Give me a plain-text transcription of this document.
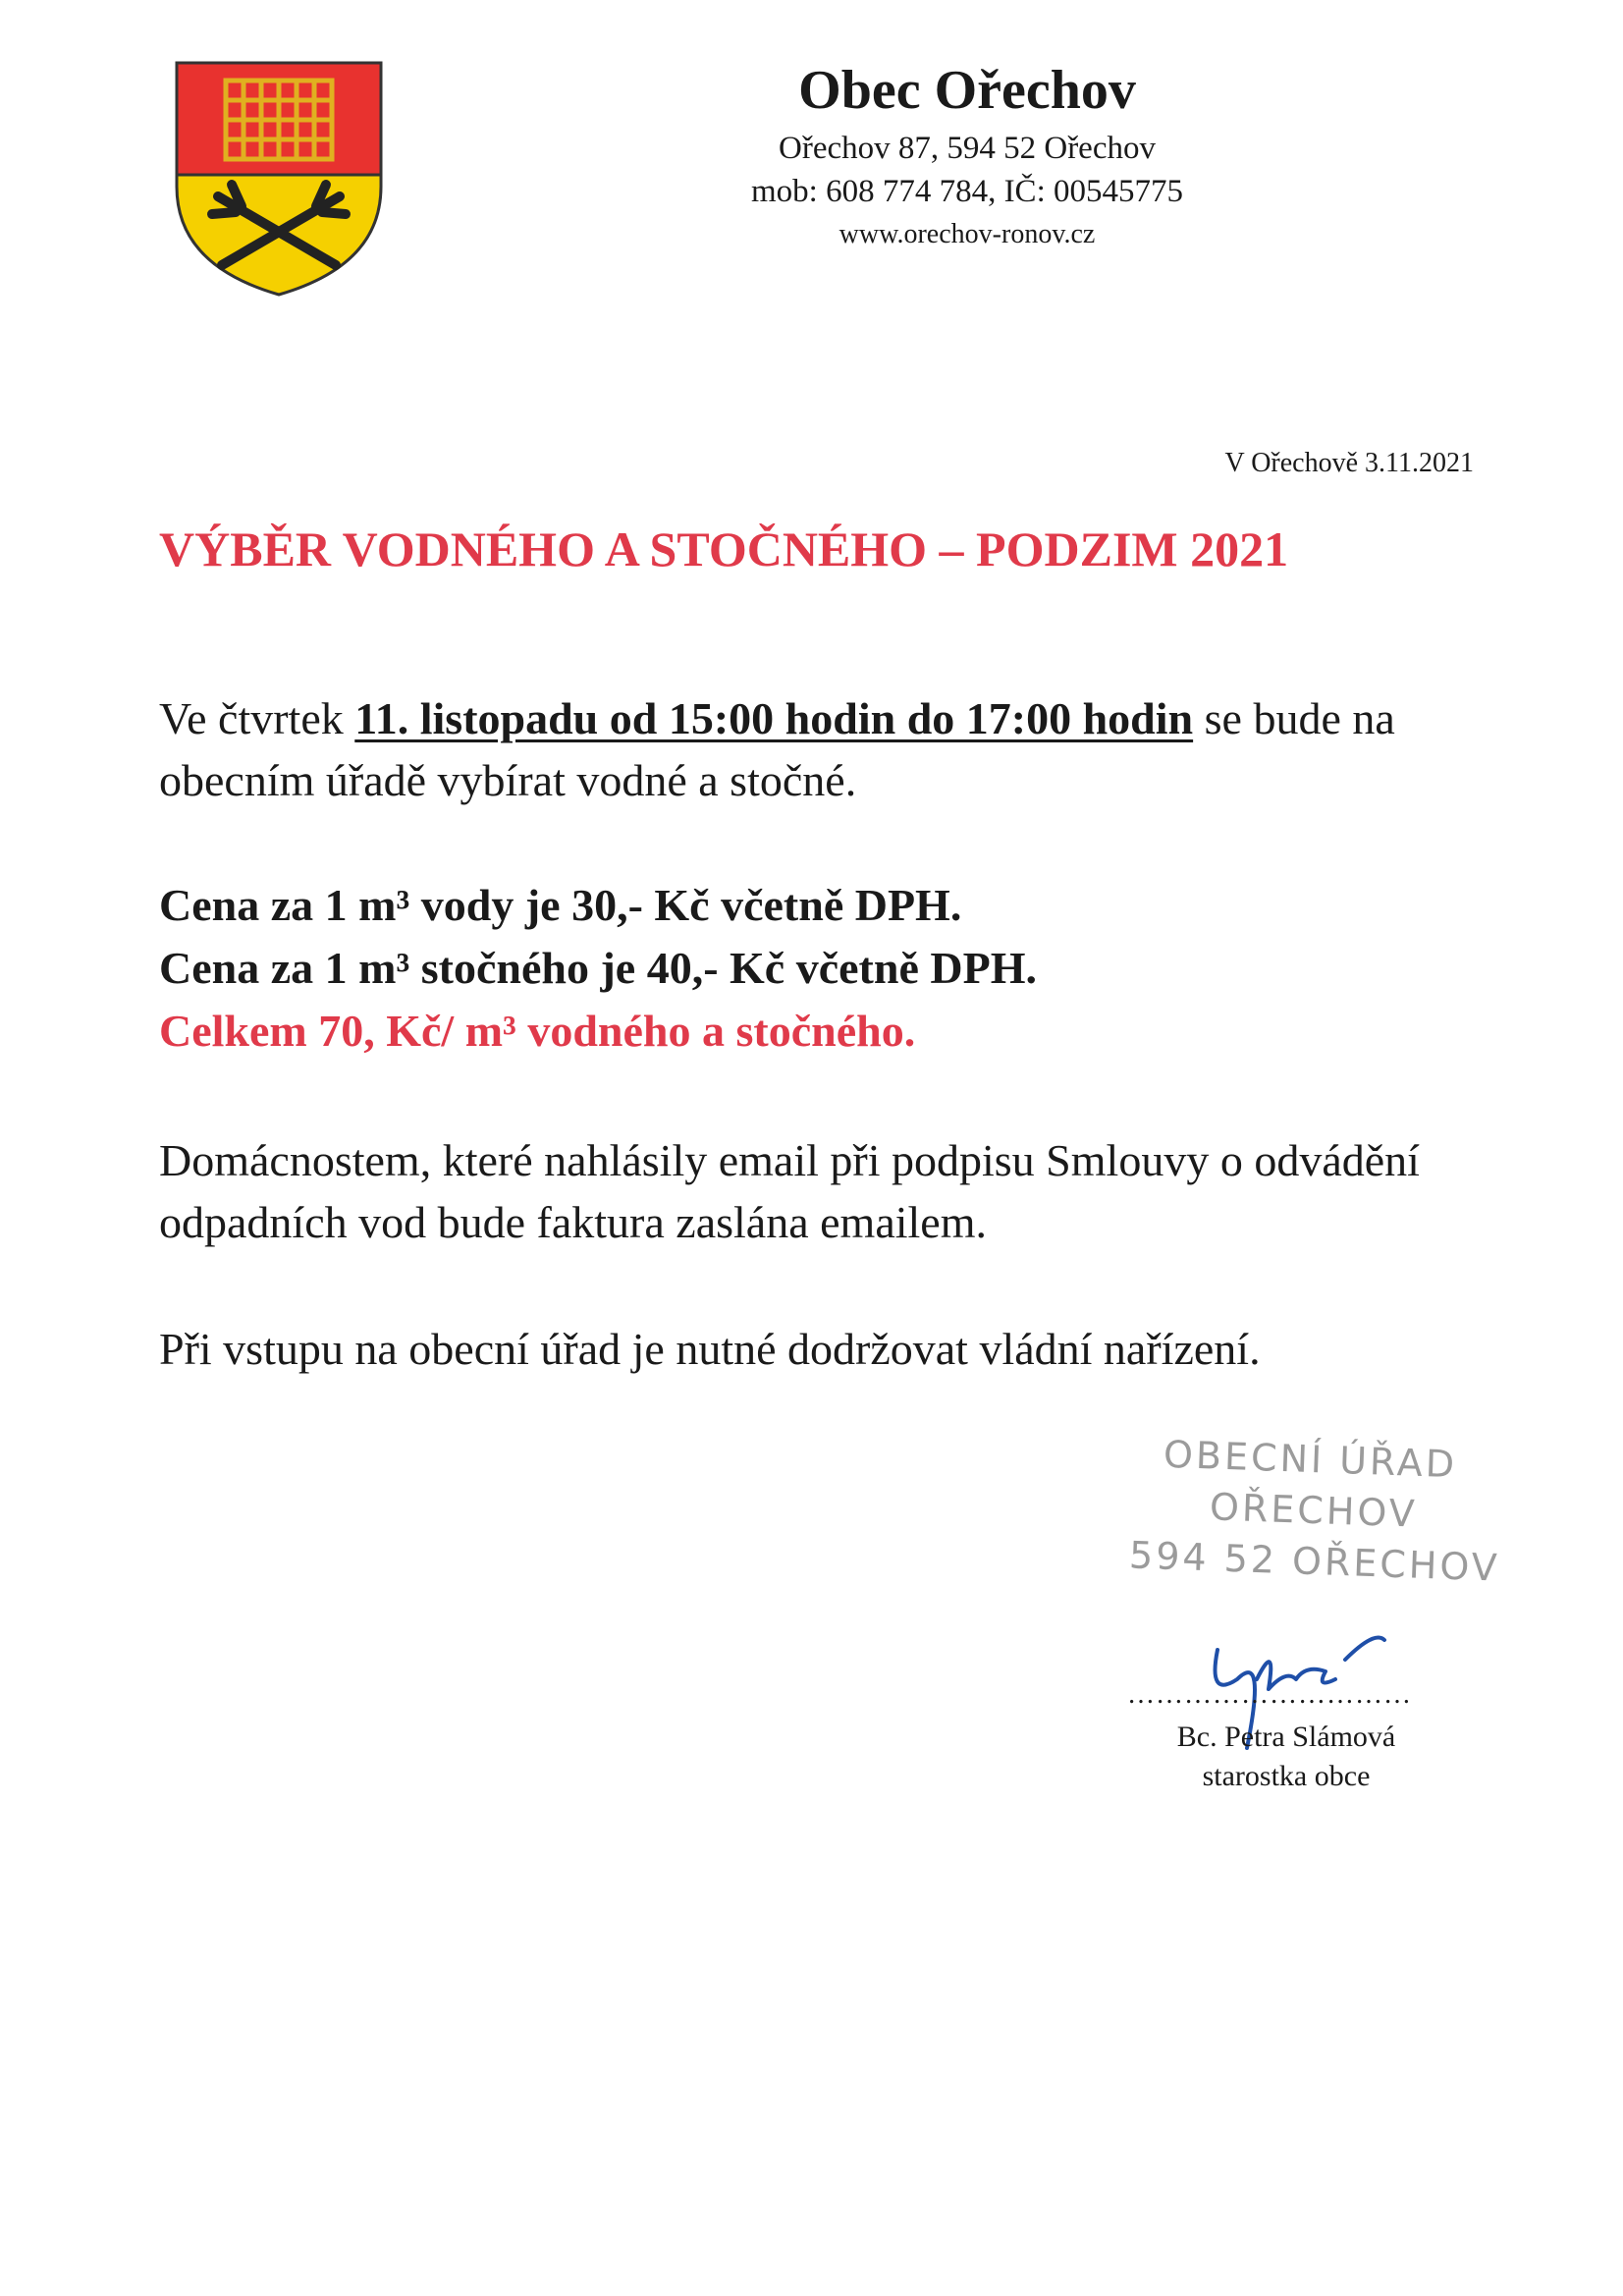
Obec Ořechov
Ořechov 87, 594 52 Ořechov
mob: 608 774 784, IČ: 00545775
www.orechov-ronov.cz
V Ořechově 3.11.2021
VÝBĚR VODNÉHO A STOČNÉHO – PODZIM 2021
Ve čtvrtek 11. listopadu od 15:00 hodin do 17:00 hodin se bude na obecním úřadě vybírat vodné a stočné.
Cena za 1 m³ vody je 30,- Kč včetně DPH.
Cena za 1 m³ stočného je 40,- Kč včetně DPH.
Celkem 70, Kč/ m³ vodného a stočného.
Domácnostem, které nahlásily email při podpisu Smlouvy o odvádění odpadních vod bude faktura zaslána emailem.
Při vstupu na obecní úřad je nutné dodržovat vládní nařízení.
OBECNÍ ÚŘAD
OŘECHOV
594 52 OŘECHOV
…………………………
Bc. Petra Slámová
starostka obce
